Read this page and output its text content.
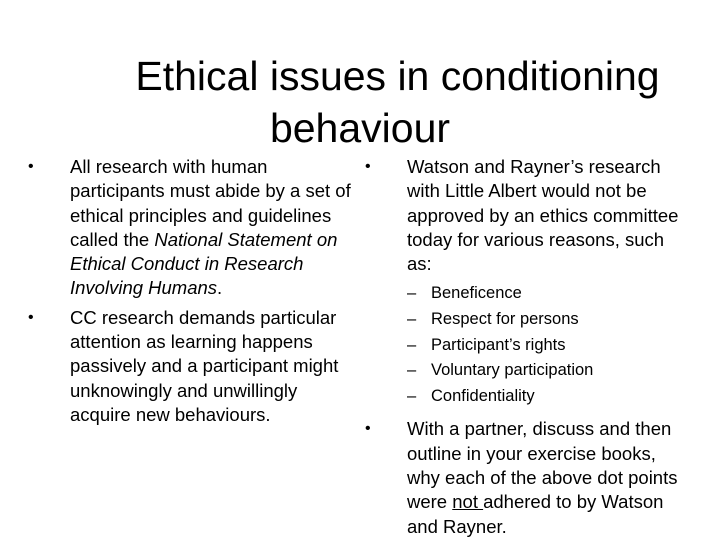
Ethical issues in conditioning
behaviour
• All research with human participants must abide by a set of ethical principles and guidelines called the National Statement on Ethical Conduct in Research Involving Humans.
• CC research demands particular attention as learning happens passively and a participant might unknowingly and unwillingly acquire new behaviours.
• Watson and Rayner’s research with Little Albert would not be approved by an ethics committee today for various reasons, such as:
– Beneficence
– Respect for persons
– Participant’s rights
– Voluntary participation
– Confidentiality
• With a partner, discuss and then outline in your exercise books, why each of the above dot points were not adhered to by Watson and Rayner.
